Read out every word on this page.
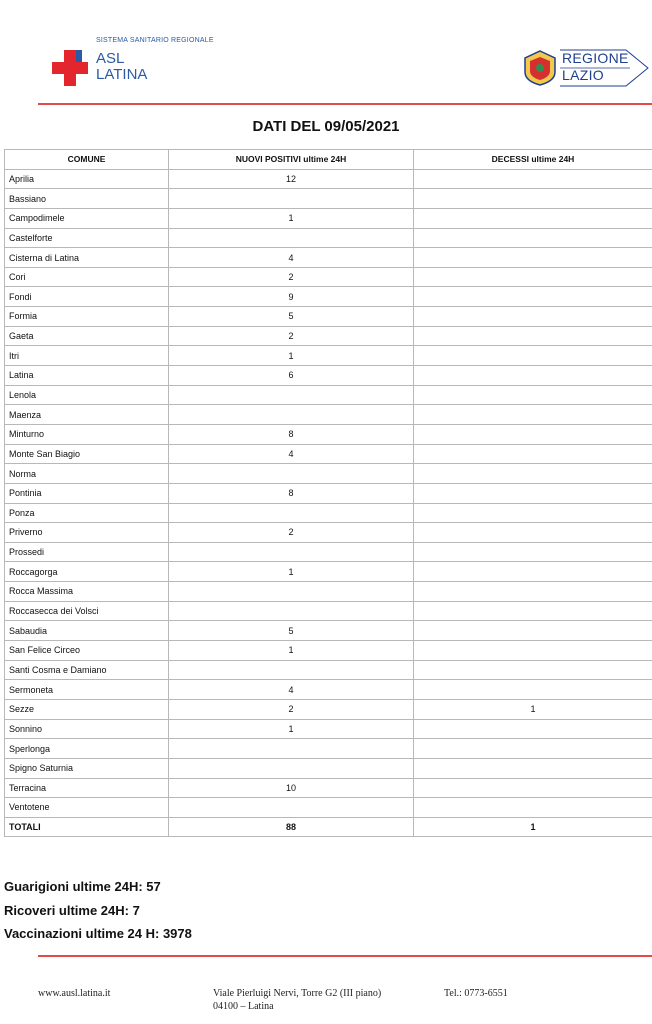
SISTEMA SANITARIO REGIONALE
ASL
LATINA
REGIONE
LAZIO
DATI DEL 09/05/2021
COMUNE	NUOVI POSITIVI ultime 24H	DECESSI ultime 24H
Aprilia	12	
Bassiano		
Campodimele	1	
Castelforte		
Cisterna di Latina	4	
Cori	2	
Fondi	9	
Formia	5	
Gaeta	2	
Itri	1	
Latina	6	
Lenola		
Maenza		
Minturno	8	
Monte San Biagio	4	
Norma		
Pontinia	8	
Ponza		
Priverno	2	
Prossedi		
Roccagorga	1	
Rocca Massima		
Roccasecca dei Volsci		
Sabaudia	5	
San Felice Circeo	1	
Santi Cosma e Damiano		
Sermoneta	4	
Sezze	2	1
Sonnino	1	
Sperlonga		
Spigno Saturnia		
Terracina	10	
Ventotene		
TOTALI	88	1
Guarigioni ultime 24H: 57
Ricoveri ultime 24H: 7
Vaccinazioni ultime 24 H: 3978
www.ausl.latina.it	Viale Pierluigi Nervi, Torre G2 (III piano)
04100 – Latina
Tel.: 0773-6551
